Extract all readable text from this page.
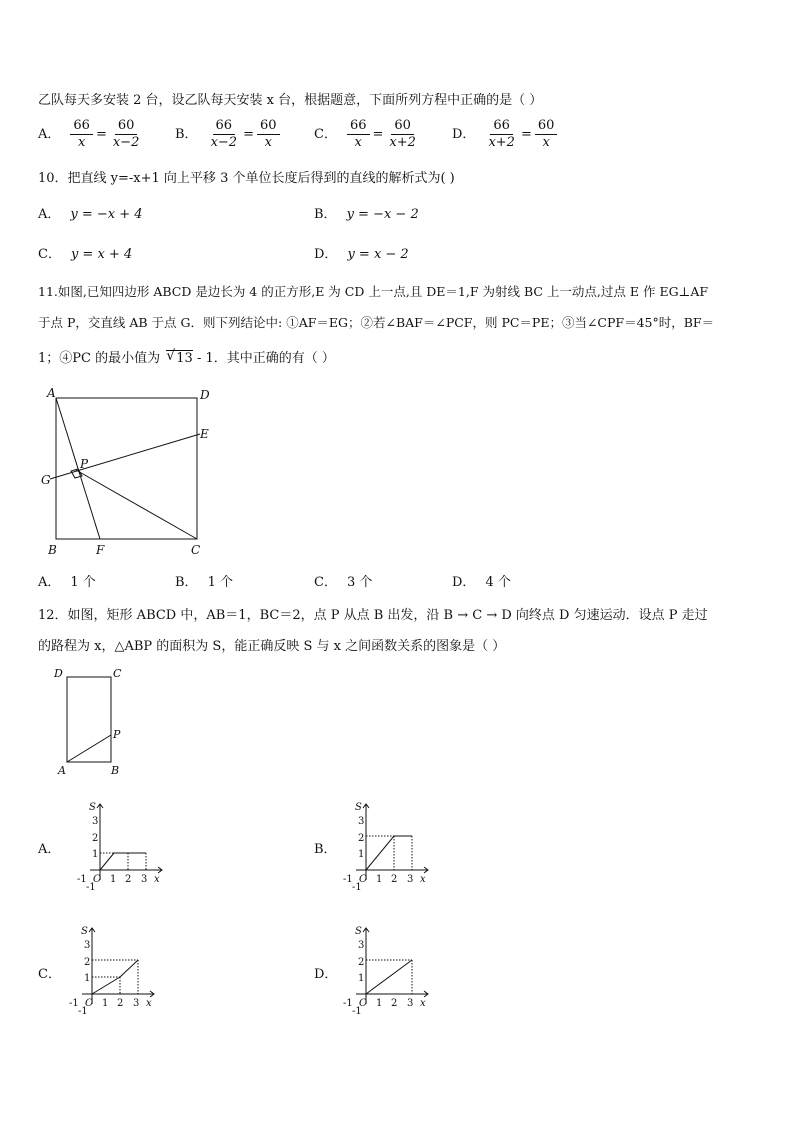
乙队每天多安装 2 台，设乙队每天安装 x 台，根据题意，下面所列方程中正确的是（ ）
A． $\frac{66}{x} = \frac{60}{x-2}$	B． $\frac{66}{x-2} = \frac{60}{x}$	C． $\frac{66}{x} = \frac{60}{x+2}$	D． $\frac{66}{x+2} = \frac{60}{x}$
10．把直线 y=-x+1 向上平移 3 个单位长度后得到的直线的解析式为( )
A． y = −x + 4	B． y = −x − 2
C． y = x + 4	D． y = x − 2
11.如图,已知四边形 ABCD 是边长为 4 的正方形,E 为 CD 上一点,且 DE＝1,F 为射线 BC 上一动点,过点 E 作 EG⊥AF
于点 P，交直线 AB 于点 G．则下列结论中: ①AF＝EG；②若∠BAF＝∠PCF，则 PC＝PE；③当∠CPF＝45°时，BF＝
1；④PC 的最小值为 √ 13 - 1．其中正确的有（ ）
A	D
E
G
P
B	F	C
A． 1 个	B． 1 个	C． 3 个	D． 4 个
12．如图，矩形 ABCD 中，AB＝1，BC＝2，点 P 从点 B 出发，沿 B → C → D 向终点 D 匀速运动．设点 P 走过
的路程为 x，△ABP 的面积为 S，能正确反映 S 与 x 之间函数关系的图象是（ ）
D	C
P
A	B
A．	B．
C．	D．
S
3
2
1
-1 O
-1
1 2 3 x
S
3
2
1
-1 O
-1
1 2 3 x
S
3
2
1
-1 O
-1
1 2 3 x
S
3
2
1
-1 O
-1
1 2 3 x
